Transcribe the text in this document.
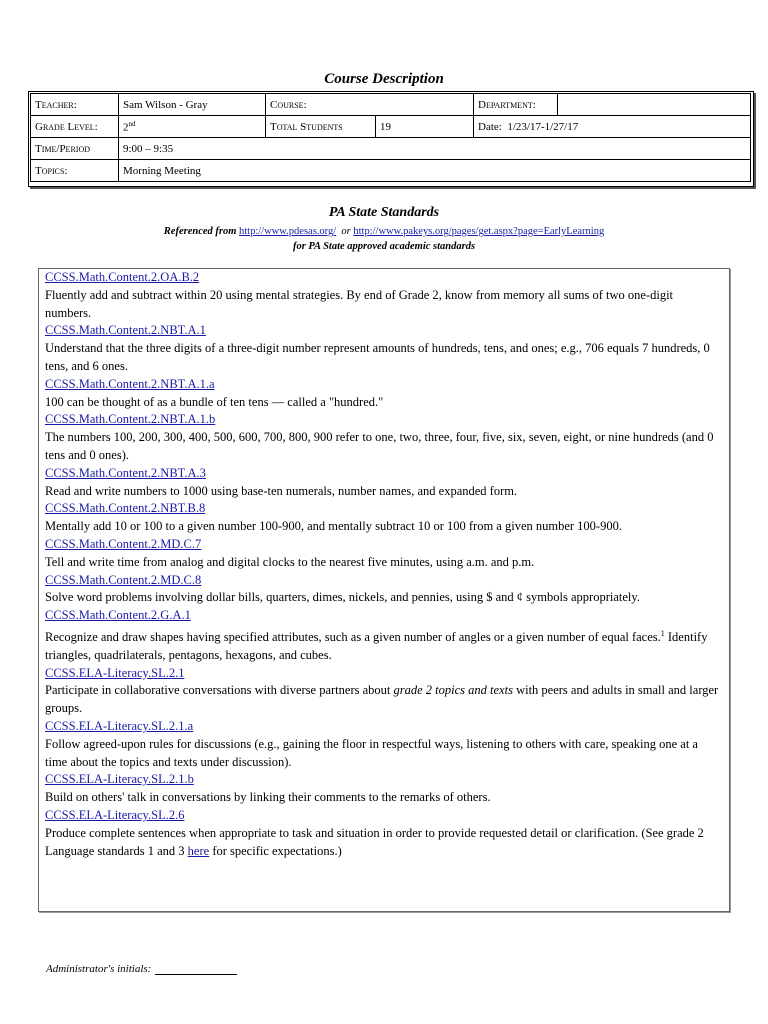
Course Description
Teacher:	Sam Wilson - Gray	Course:		Department:	
Grade Level:	2nd	Total Students	19	Date: 1/23/17-1/27/17	
Time/Period	9:00 – 9:35				
Topics:	Morning Meeting				
PA State Standards
Referenced from http://www.pdesas.org/ or http://www.pakeys.org/pages/get.aspx?page=EarlyLearning
for PA State approved academic standards
CCSS.Math.Content.2.OA.B.2
Fluently add and subtract within 20 using mental strategies. By end of Grade 2, know from memory all sums of two one-digit numbers.
CCSS.Math.Content.2.NBT.A.1
Understand that the three digits of a three-digit number represent amounts of hundreds, tens, and ones; e.g., 706 equals 7 hundreds, 0 tens, and 6 ones.
CCSS.Math.Content.2.NBT.A.1.a
100 can be thought of as a bundle of ten tens — called a "hundred."
CCSS.Math.Content.2.NBT.A.1.b
The numbers 100, 200, 300, 400, 500, 600, 700, 800, 900 refer to one, two, three, four, five, six, seven, eight, or nine hundreds (and 0 tens and 0 ones).
CCSS.Math.Content.2.NBT.A.3
Read and write numbers to 1000 using base-ten numerals, number names, and expanded form.
CCSS.Math.Content.2.NBT.B.8
Mentally add 10 or 100 to a given number 100-900, and mentally subtract 10 or 100 from a given number 100-900.
CCSS.Math.Content.2.MD.C.7
Tell and write time from analog and digital clocks to the nearest five minutes, using a.m. and p.m.
CCSS.Math.Content.2.MD.C.8
Solve word problems involving dollar bills, quarters, dimes, nickels, and pennies, using $ and ¢ symbols appropriately.
CCSS.Math.Content.2.G.A.1
Recognize and draw shapes having specified attributes, such as a given number of angles or a given number of equal faces.$^1$ Identify triangles, quadrilaterals, pentagons, hexagons, and cubes.
CCSS.ELA-Literacy.SL.2.1
Participate in collaborative conversations with diverse partners about grade 2 topics and texts with peers and adults in small and larger groups.
CCSS.ELA-Literacy.SL.2.1.a
Follow agreed-upon rules for discussions (e.g., gaining the floor in respectful ways, listening to others with care, speaking one at a time about the topics and texts under discussion).
CCSS.ELA-Literacy.SL.2.1.b
Build on others' talk in conversations by linking their comments to the remarks of others.
CCSS.ELA-Literacy.SL.2.6
Produce complete sentences when appropriate to task and situation in order to provide requested detail or clarification. (See grade 2 Language standards 1 and 3 here for specific expectations.)
Administrator's initials:
